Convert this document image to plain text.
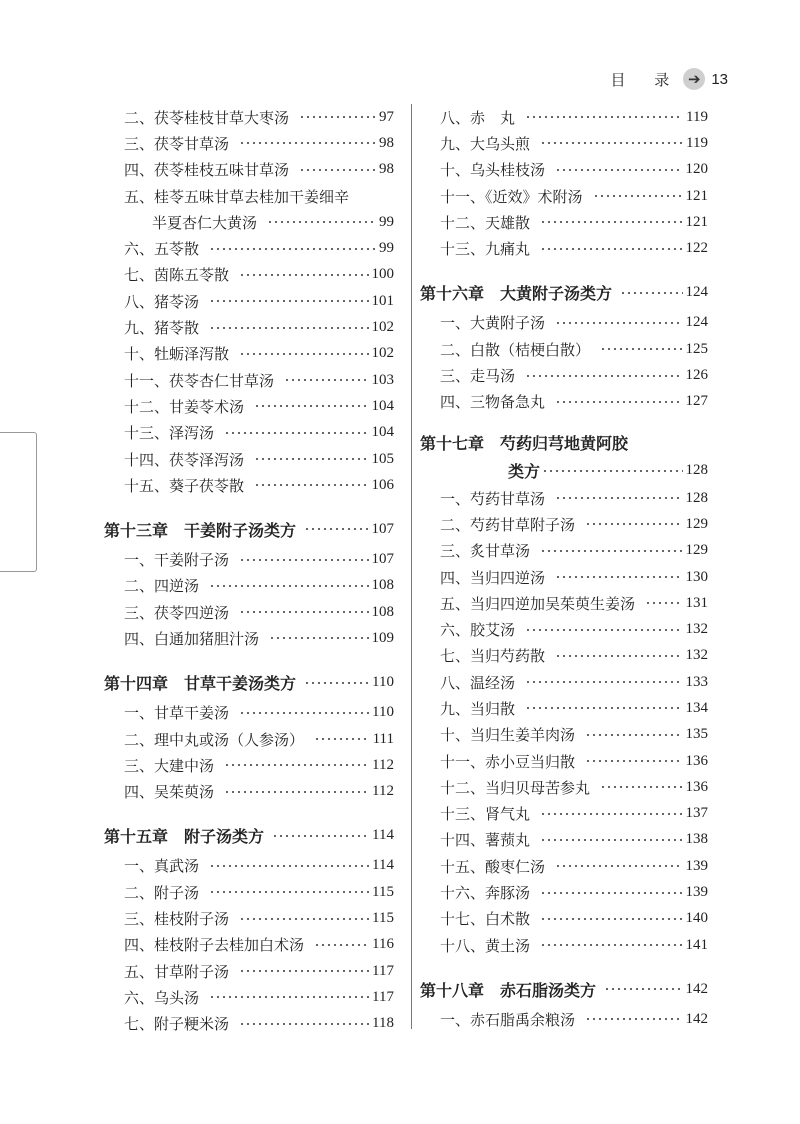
目 录 ➔ 13
二、茯苓桂枝甘草大枣汤	97
三、茯苓甘草汤	98
四、茯苓桂枝五味甘草汤	98
五、桂苓五味甘草去桂加干姜细辛
半夏杏仁大黄汤	99
六、五苓散	99
七、茵陈五苓散	100
八、猪苓汤	101
九、猪苓散	102
十、牡蛎泽泻散	102
十一、茯苓杏仁甘草汤	103
十二、甘姜苓术汤	104
十三、泽泻汤	104
十四、茯苓泽泻汤	105
十五、葵子茯苓散	106
第十三章　干姜附子汤类方	107
一、干姜附子汤	107
二、四逆汤	108
三、茯苓四逆汤	108
四、白通加猪胆汁汤	109
第十四章　甘草干姜汤类方	110
一、甘草干姜汤	110
二、理中丸或汤（人参汤）	111
三、大建中汤	112
四、吴茱萸汤	112
第十五章　附子汤类方	114
一、真武汤	114
二、附子汤	115
三、桂枝附子汤	115
四、桂枝附子去桂加白术汤	116
五、甘草附子汤	117
六、乌头汤	117
七、附子粳米汤	118
八、赤　丸	119
九、大乌头煎	119
十、乌头桂枝汤	120
十一、《近效》术附汤	121
十二、天雄散	121
十三、九痛丸	122
第十六章　大黄附子汤类方	124
一、大黄附子汤	124
二、白散（桔梗白散）	125
三、走马汤	126
四、三物备急丸	127
第十七章　芍药归芎地黄阿胶
类方	128
一、芍药甘草汤	128
二、芍药甘草附子汤	129
三、炙甘草汤	129
四、当归四逆汤	130
五、当归四逆加吴茱萸生姜汤	131
六、胶艾汤	132
七、当归芍药散	132
八、温经汤	133
九、当归散	134
十、当归生姜羊肉汤	135
十一、赤小豆当归散	136
十二、当归贝母苦参丸	136
十三、肾气丸	137
十四、薯蓣丸	138
十五、酸枣仁汤	139
十六、奔豚汤	139
十七、白术散	140
十八、黄土汤	141
第十八章　赤石脂汤类方	142
一、赤石脂禹余粮汤	142
